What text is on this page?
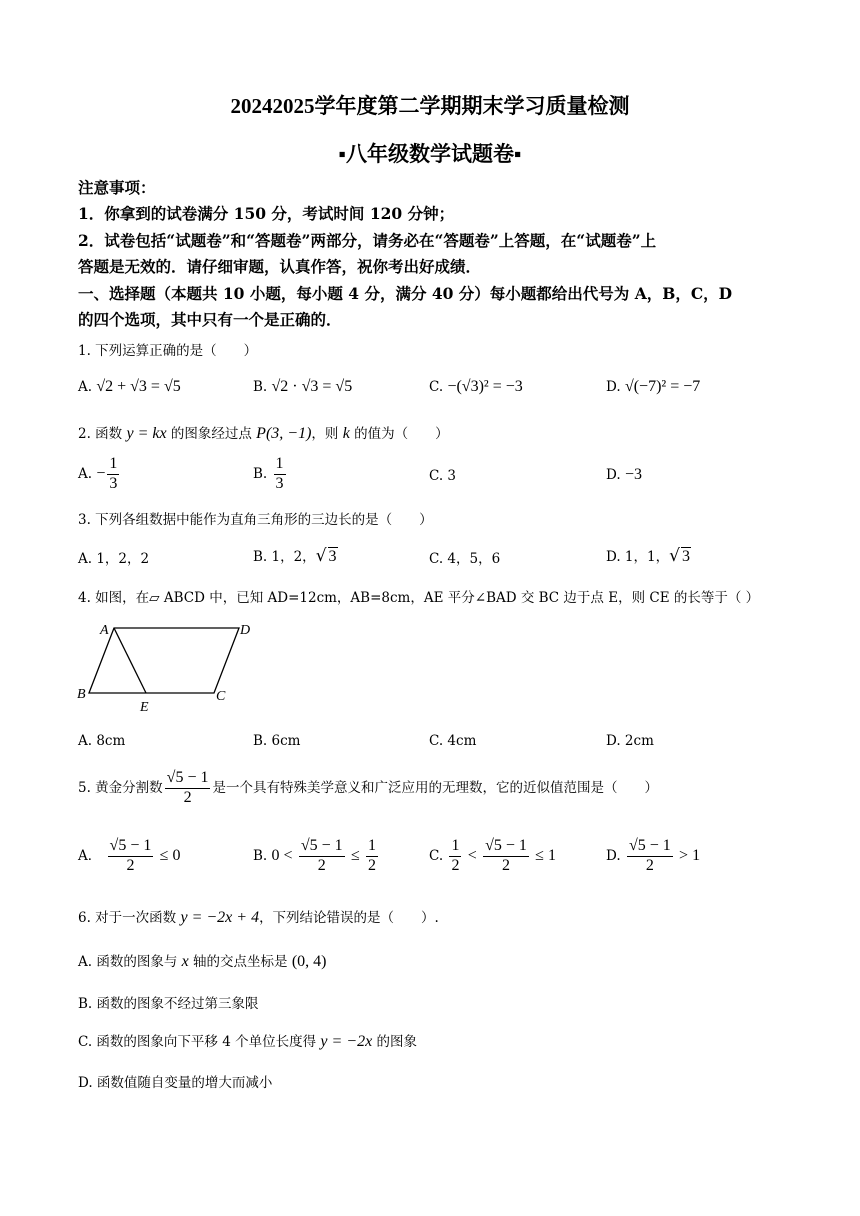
20242025学年度第二学期期末学习质量检测
▪八年级数学试题卷▪
注意事项：
1．你拿到的试卷满分 150 分，考试时间 120 分钟；
2．试卷包括“试题卷”和“答题卷”两部分，请务必在“答题卷”上答题，在“试题卷”上
答题是无效的．请仔细审题，认真作答，祝你考出好成绩．
一、选择题（本题共 10 小题，每小题 4 分，满分 40 分）每小题都给出代号为 A，B，C，D
的四个选项，其中只有一个是正确的．
1. 下列运算正确的是（　　）
A. √2 + √3 = √5	B. √2 · √3 = √5	C. −(√3)² = −3	D. √(−7)² = −7
2. 函数 y = kx 的图象经过点 P(3, −1)，则 k 的值为（　　）
A. − $\frac{1}{3}$	B. $\frac{1}{3}$	C. 3	D. −3
3. 下列各组数据中能作为直角三角形的三边长的是（　　）
A. 1，2，2	B. 1，2，√ 3	C. 4，5，6	D. 1，1，√ 3
4. 如图，在▱ ABCD 中，已知 AD=12cm，AB=8cm，AE 平分∠BAD 交 BC 边于点 E，则 CE 的长等于（ ）
A	D
B
E
C
A. 8cm	B. 6cm	C. 4cm	D. 2cm
5. 黄金分割数 $\frac{√5 - 1}{2}$ 是一个具有特殊美学意义和广泛应用的无理数，它的近似值范围是（　　）
A． $\frac{√5 - 1}{2} \le 0$	B. $0 < \frac{√5 - 1}{2} \le \frac{1}{2}$	C. $\frac{1}{2} < \frac{√5 - 1}{2} \le 1$	D. $\frac{√5 - 1}{2} > 1$
6. 对于一次函数 y = −2x + 4，下列结论错误的是（　　）.
A. 函数的图象与 x 轴的交点坐标是 (0, 4)
B. 函数的图象不经过第三象限
C. 函数的图象向下平移 4 个单位长度得 y = −2x 的图象
D. 函数值随自变量的增大而减小
